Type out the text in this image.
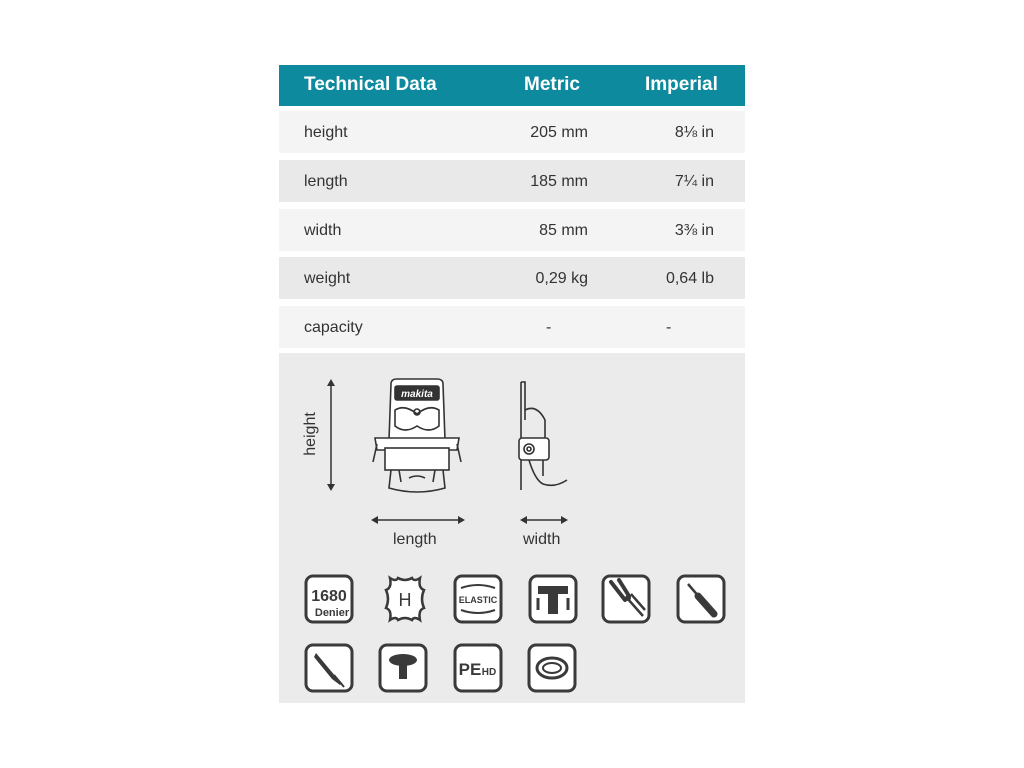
Technical Data	Metric	Imperial
height	205 mm	8⅛ in
length	185 mm	7¼ in
width	85 mm	3⅜ in
weight	0,29 kg	0,64 lb
capacity	-	-
height
makita
length	width
1680
Denier
H	ELASTIC
PE HD
